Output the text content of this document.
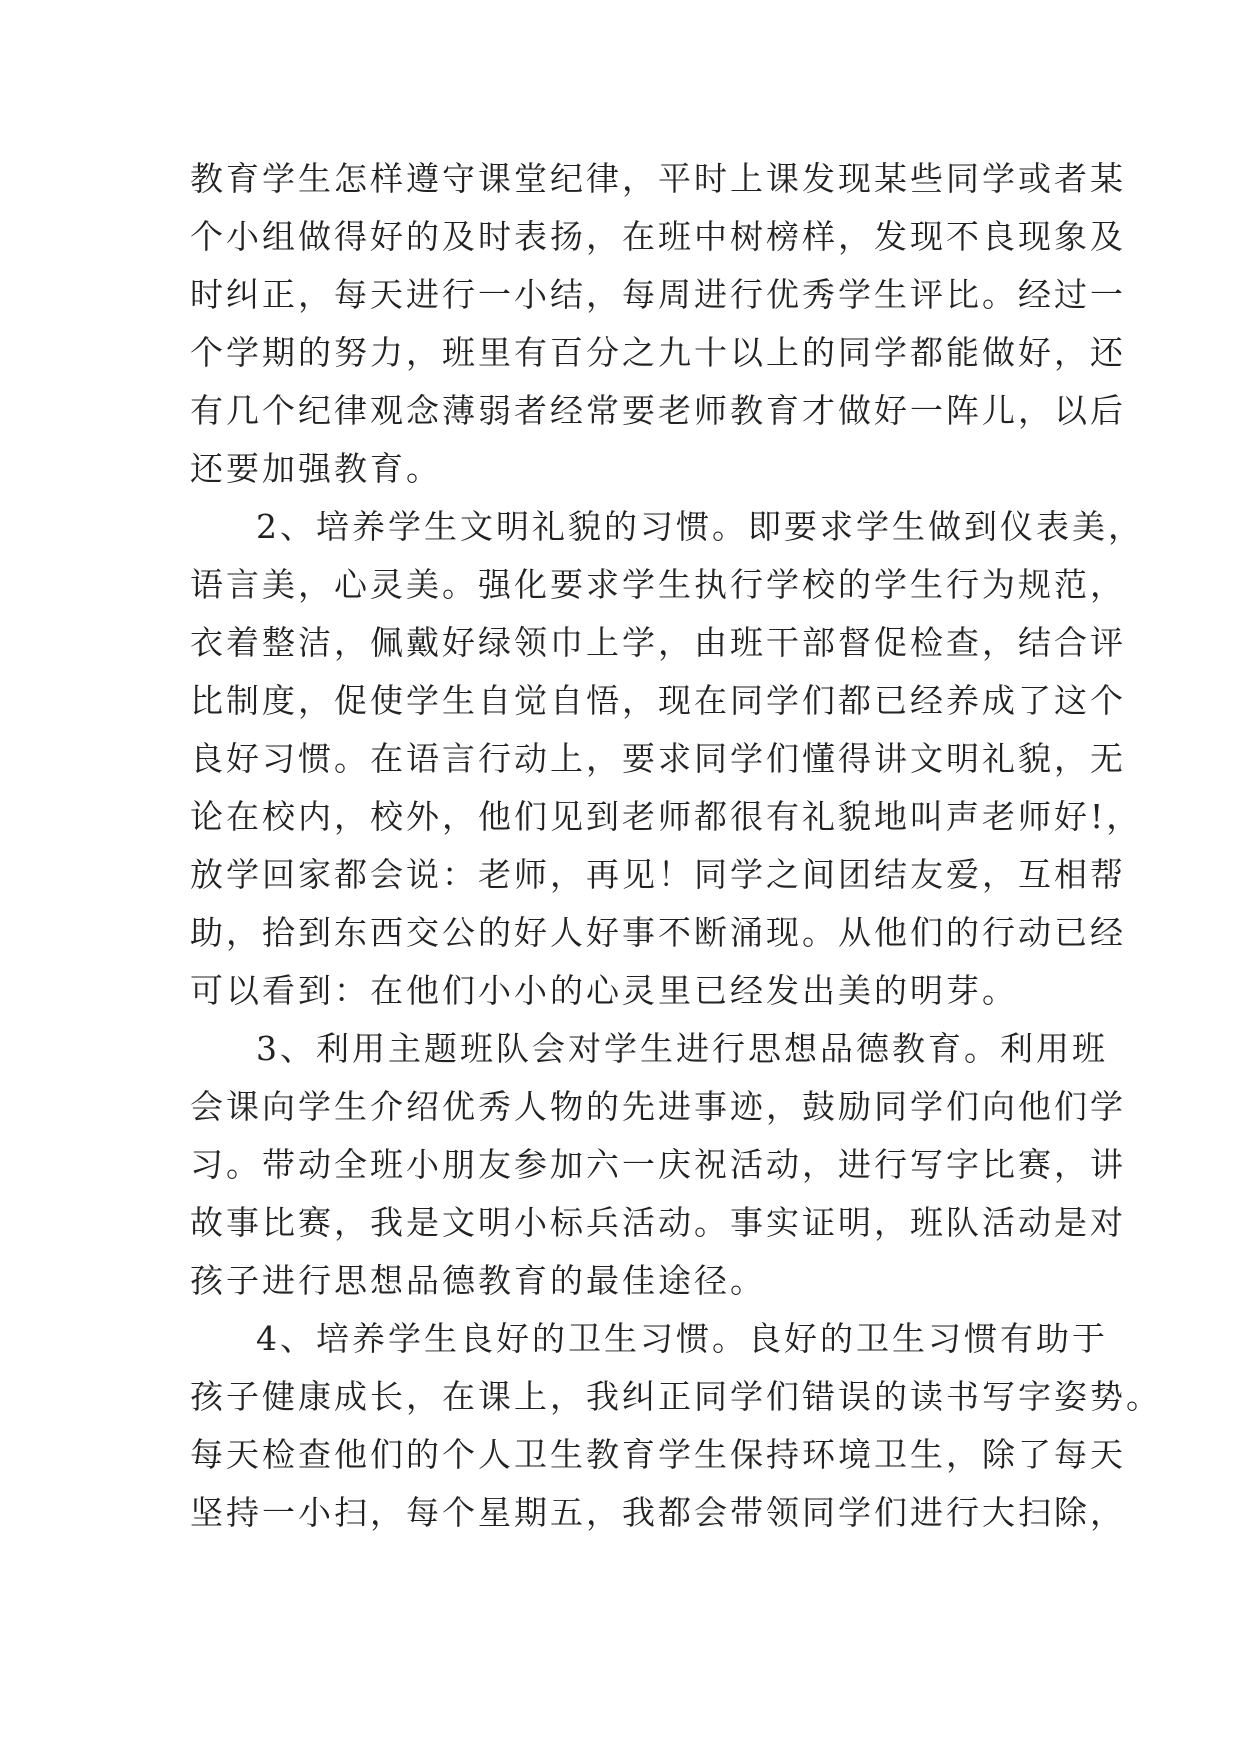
教育学生怎样遵守课堂纪律，平时上课发现某些同学或者某
个小组做得好的及时表扬，在班中树榜样，发现不良现象及
时纠正，每天进行一小结，每周进行优秀学生评比。经过一
个学期的努力，班里有百分之九十以上的同学都能做好，还
有几个纪律观念薄弱者经常要老师教育才做好一阵儿，以后
还要加强教育。
2、培养学生文明礼貌的习惯。即要求学生做到仪表美，
语言美，心灵美。强化要求学生执行学校的学生行为规范，
衣着整洁，佩戴好绿领巾上学，由班干部督促检查，结合评
比制度，促使学生自觉自悟，现在同学们都已经养成了这个
良好习惯。在语言行动上，要求同学们懂得讲文明礼貌，无
论在校内，校外，他们见到老师都很有礼貌地叫声老师好!，
放学回家都会说：老师，再见！同学之间团结友爱，互相帮
助，拾到东西交公的好人好事不断涌现。从他们的行动已经
可以看到：在他们小小的心灵里已经发出美的明芽。
3、利用主题班队会对学生进行思想品德教育。利用班
会课向学生介绍优秀人物的先进事迹，鼓励同学们向他们学
习。带动全班小朋友参加六一庆祝活动，进行写字比赛，讲
故事比赛，我是文明小标兵活动。事实证明，班队活动是对
孩子进行思想品德教育的最佳途径。
4、培养学生良好的卫生习惯。良好的卫生习惯有助于
孩子健康成长，在课上，我纠正同学们错误的读书写字姿势。
每天检查他们的个人卫生教育学生保持环境卫生，除了每天
坚持一小扫，每个星期五，我都会带领同学们进行大扫除，
